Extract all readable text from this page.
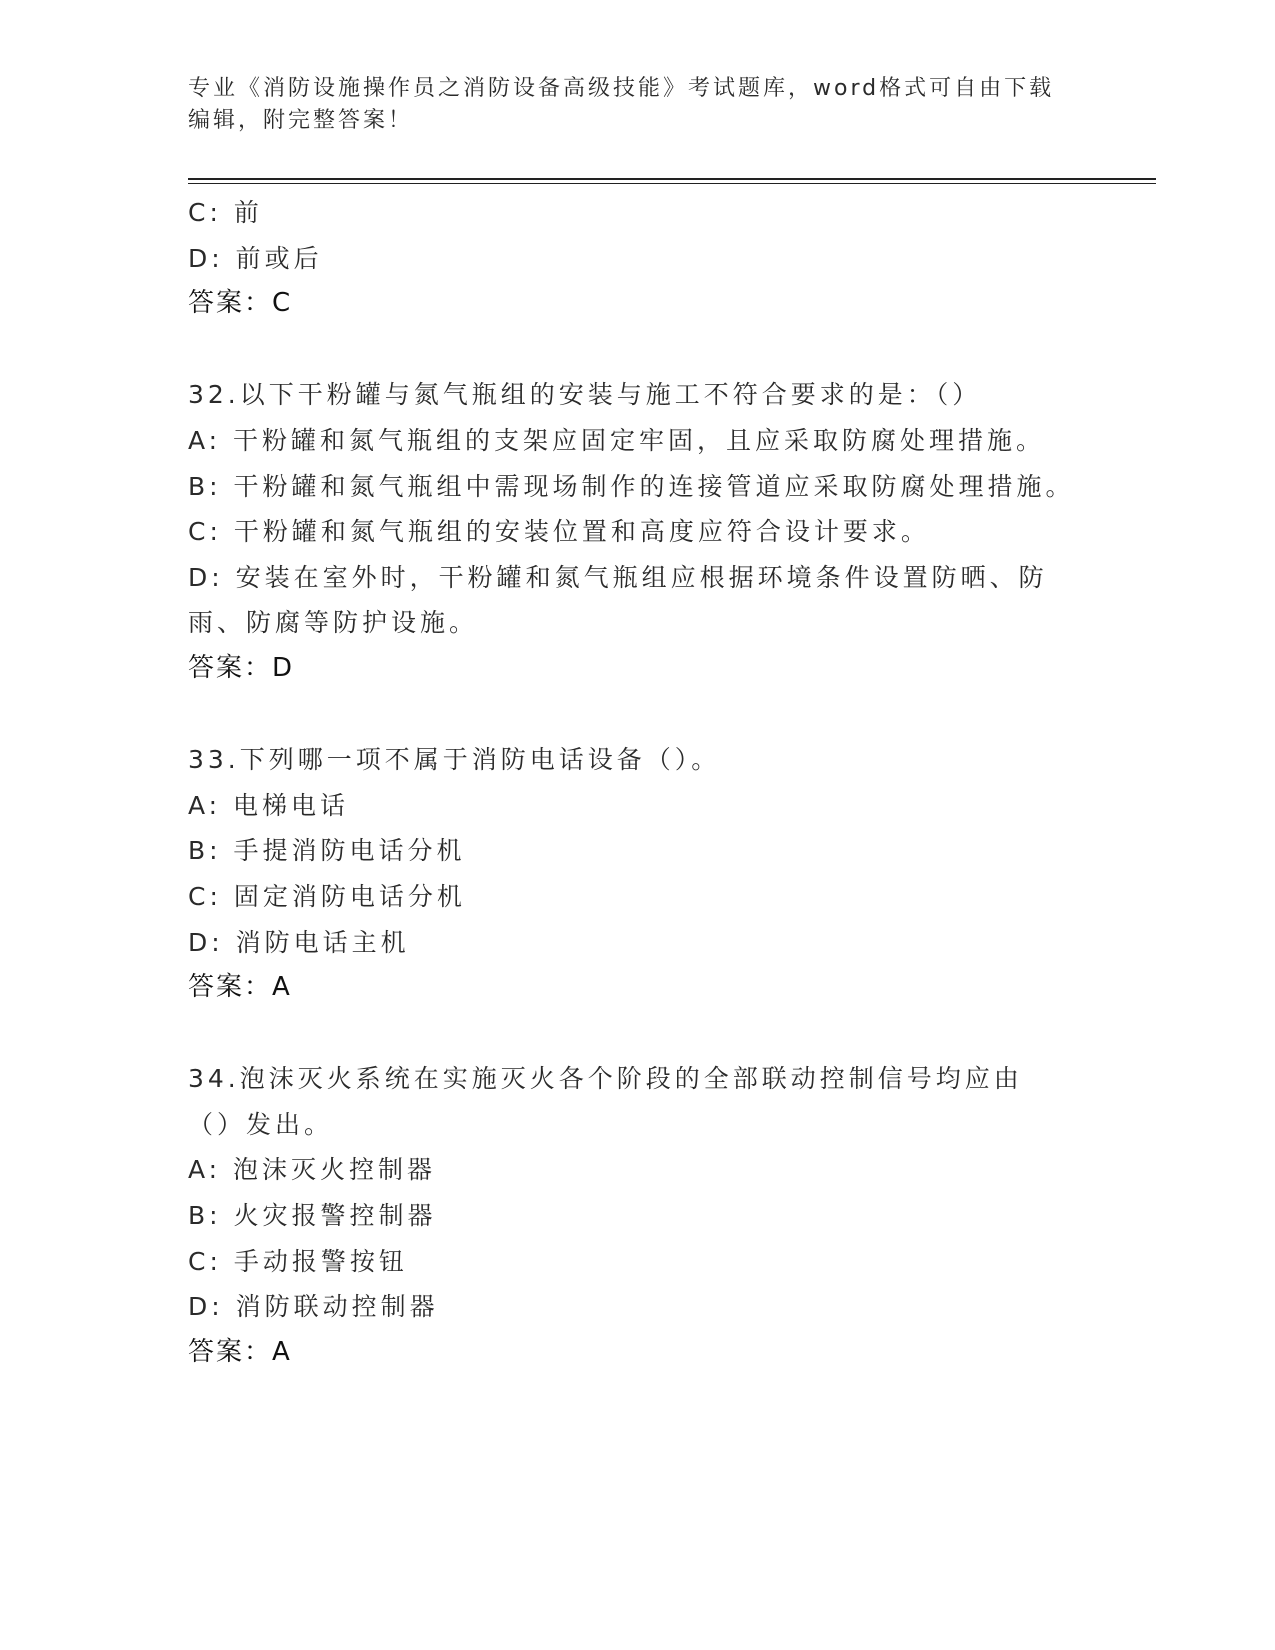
专业《消防设施操作员之消防设备高级技能》考试题库，word格式可自由下载编辑，附完整答案！
C: 前
D: 前或后
答案：C
32.以下干粉罐与氮气瓶组的安装与施工不符合要求的是：（）
A: 干粉罐和氮气瓶组的支架应固定牢固，且应采取防腐处理措施。
B: 干粉罐和氮气瓶组中需现场制作的连接管道应采取防腐处理措施。
C: 干粉罐和氮气瓶组的安装位置和高度应符合设计要求。
D: 安装在室外时，干粉罐和氮气瓶组应根据环境条件设置防晒、防雨、防腐等防护设施。
答案：D
33.下列哪一项不属于消防电话设备（）。
A: 电梯电话
B: 手提消防电话分机
C: 固定消防电话分机
D: 消防电话主机
答案：A
34.泡沫灭火系统在实施灭火各个阶段的全部联动控制信号均应由（）发出。
A: 泡沫灭火控制器
B: 火灾报警控制器
C: 手动报警按钮
D: 消防联动控制器
答案：A
